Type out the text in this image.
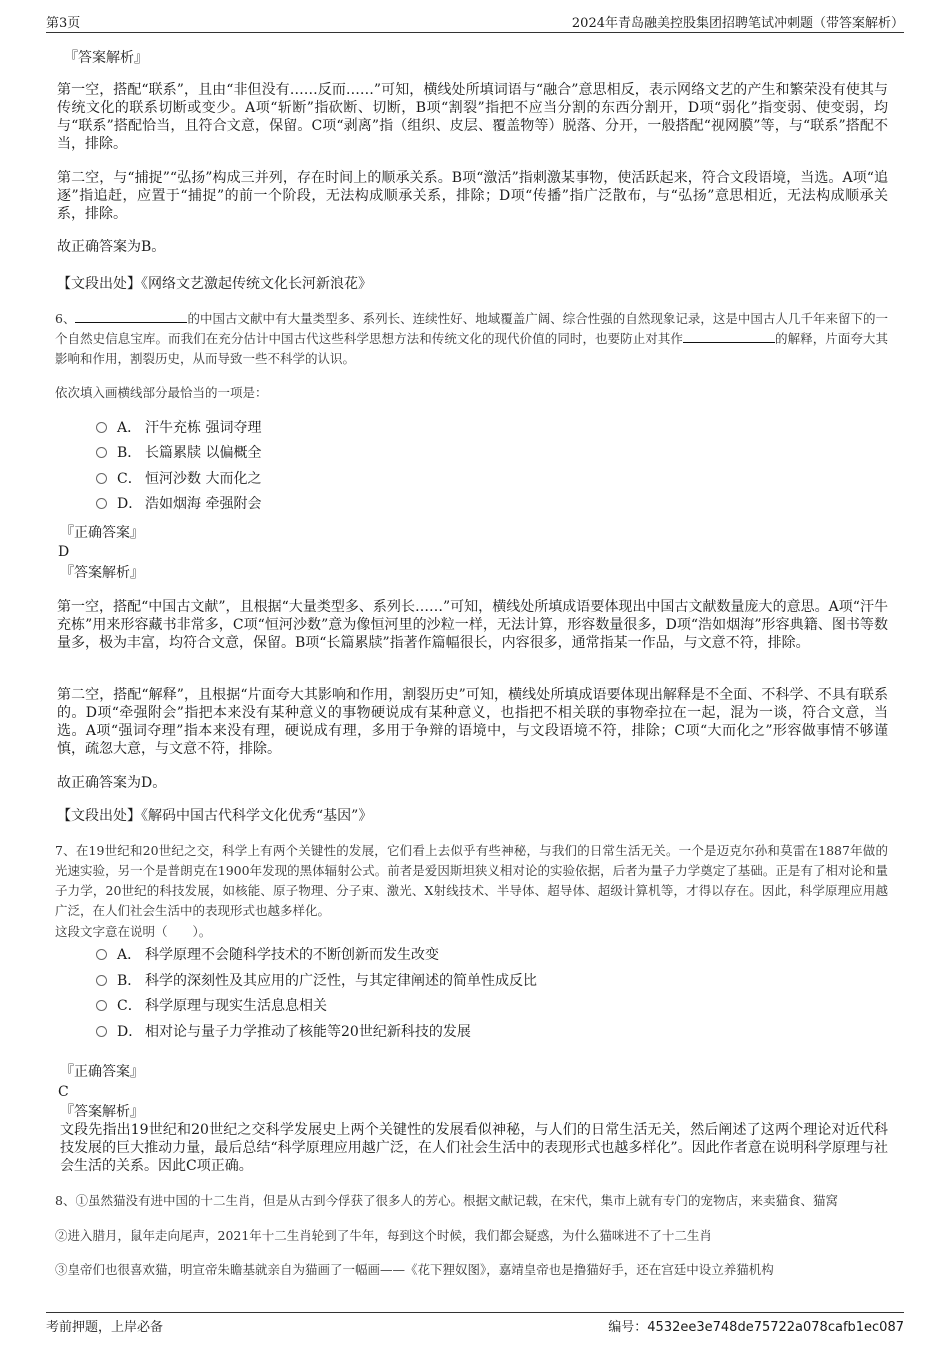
第3页	2024年青岛融美控股集团招聘笔试冲刺题（带答案解析）
『答案解析』
第一空，搭配“联系”，且由“非但没有……反而……”可知，横线处所填词语与“融合”意思相反，表示网络文艺的产生和繁荣没有使其与传统文化的联系切断或变少。A项“斩断”指砍断、切断，B项“割裂”指把不应当分割的东西分割开，D项“弱化”指变弱、使变弱，均与“联系”搭配恰当，且符合文意，保留。C项“剥离”指（组织、皮层、覆盖物等）脱落、分开，一般搭配“视网膜”等，与“联系”搭配不当，排除。
第二空，与“捕捉”“弘扬”构成三并列，存在时间上的顺承关系。B项“激活”指刺激某事物，使活跃起来，符合文段语境，当选。A项“追逐”指追赶，应置于“捕捉”的前一个阶段，无法构成顺承关系，排除；D项“传播”指广泛散布，与“弘扬”意思相近，无法构成顺承关系，排除。
故正确答案为B。
【文段出处】《网络文艺激起传统文化长河新浪花》
6、	的中国古文献中有大量类型多、系列长、连续性好、地域覆盖广阔、综合性强的自然现象记录，这是中国古人几千年来留下的一个自然史信息宝库。而我们在充分估计中国古代这些科学思想方法和传统文化的现代价值的同时，也要防止对其作	的解释，片面夸大其影响和作用，割裂历史，从而导致一些不科学的认识。
依次填入画横线部分最恰当的一项是：
A． 汗牛充栋 强词夺理
B． 长篇累牍 以偏概全
C． 恒河沙数 大而化之
D． 浩如烟海 牵强附会
『正确答案』
D
『答案解析』
第一空，搭配“中国古文献”，且根据“大量类型多、系列长……”可知，横线处所填成语要体现出中国古文献数量庞大的意思。A项“汗牛充栋”用来形容藏书非常多，C项“恒河沙数”意为像恒河里的沙粒一样，无法计算，形容数量很多，D项“浩如烟海”形容典籍、图书等数量多，极为丰富，均符合文意，保留。B项“长篇累牍”指著作篇幅很长，内容很多，通常指某一作品，与文意不符，排除。
第二空，搭配“解释”，且根据“片面夸大其影响和作用，割裂历史”可知，横线处所填成语要体现出解释是不全面、不科学、不具有联系的。D项“牵强附会”指把本来没有某种意义的事物硬说成有某种意义，也指把不相关联的事物牵拉在一起，混为一谈，符合文意，当选。A项“强词夺理”指本来没有理，硬说成有理，多用于争辩的语境中，与文段语境不符，排除；C项“大而化之”形容做事情不够谨慎，疏忽大意，与文意不符，排除。
故正确答案为D。
【文段出处】《解码中国古代科学文化优秀“基因”》
7、在19世纪和20世纪之交，科学上有两个关键性的发展，它们看上去似乎有些神秘，与我们的日常生活无关。一个是迈克尔孙和莫雷在1887年做的光速实验，另一个是普朗克在1900年发现的黑体辐射公式。前者是爱因斯坦狭义相对论的实验依据，后者为量子力学奠定了基础。正是有了相对论和量子力学，20世纪的科技发展，如核能、原子物理、分子束、激光、X射线技术、半导体、超导体、超级计算机等，才得以存在。因此，科学原理应用越广泛，在人们社会生活中的表现形式也越多样化。
这段文字意在说明（　　）。
A． 科学原理不会随科学技术的不断创新而发生改变
B． 科学的深刻性及其应用的广泛性，与其定律阐述的简单性成反比
C． 科学原理与现实生活息息相关
D． 相对论与量子力学推动了核能等20世纪新科技的发展
『正确答案』
C
『答案解析』
文段先指出19世纪和20世纪之交科学发展史上两个关键性的发展看似神秘，与人们的日常生活无关，然后阐述了这两个理论对近代科技发展的巨大推动力量，最后总结“科学原理应用越广泛，在人们社会生活中的表现形式也越多样化”。因此作者意在说明科学原理与社会生活的关系。因此C项正确。
8、①虽然猫没有进中国的十二生肖，但是从古到今俘获了很多人的芳心。根据文献记载，在宋代，集市上就有专门的宠物店，来卖猫食、猫窝
②进入腊月，鼠年走向尾声，2021年十二生肖轮到了牛年，每到这个时候，我们都会疑惑，为什么猫咪进不了十二生肖
③皇帝们也很喜欢猫，明宣帝朱瞻基就亲自为猫画了一幅画——《花下狸奴图》，嘉靖皇帝也是撸猫好手，还在宫廷中设立养猫机构
考前押题，上岸必备	编号：4532ee3e748de75722a078cafb1ec087
